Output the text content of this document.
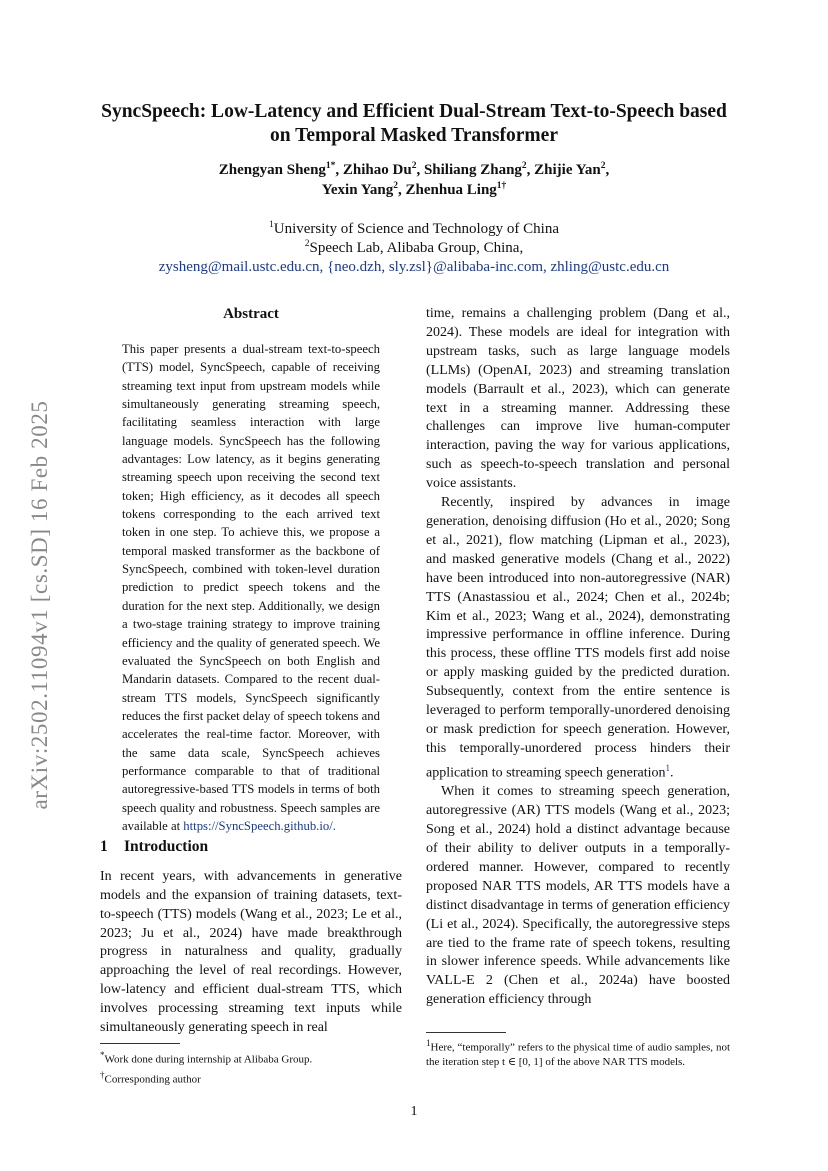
arXiv:2502.11094v1 [cs.SD] 16 Feb 2025
SyncSpeech: Low-Latency and Efficient Dual-Stream Text-to-Speech based on Temporal Masked Transformer
Zhengyan Sheng$^{1*}$, Zhihao Du$^2$, Shiliang Zhang$^2$, Zhijie Yan$^2$,
Yexin Yang$^2$, Zhenhua Ling$^{1\dagger}$
$^1$University of Science and Technology of China
$^2$Speech Lab, Alibaba Group, China,
zysheng@mail.ustc.edu.cn, {neo.dzh, sly.zsl}@alibaba-inc.com, zhling@ustc.edu.cn
Abstract
This paper presents a dual-stream text-to-speech (TTS) model, SyncSpeech, capable of receiving streaming text input from upstream models while simultaneously generating streaming speech, facilitating seamless interaction with large language models. SyncSpeech has the following advantages: Low latency, as it begins generating streaming speech upon receiving the second text token; High efficiency, as it decodes all speech tokens corresponding to the each arrived text token in one step. To achieve this, we propose a temporal masked transformer as the backbone of SyncSpeech, combined with token-level duration prediction to predict speech tokens and the duration for the next step. Additionally, we design a two-stage training strategy to improve training efficiency and the quality of generated speech. We evaluated the SyncSpeech on both English and Mandarin datasets. Compared to the recent dual-stream TTS models, SyncSpeech significantly reduces the first packet delay of speech tokens and accelerates the real-time factor. Moreover, with the same data scale, SyncSpeech achieves performance comparable to that of traditional autoregressive-based TTS models in terms of both speech quality and robustness. Speech samples are available at https://SyncSpeech.github.io/.
1 Introduction
In recent years, with advancements in generative models and the expansion of training datasets, text-to-speech (TTS) models (Wang et al., 2023; Le et al., 2023; Ju et al., 2024) have made breakthrough progress in naturalness and quality, gradually approaching the level of real recordings. However, low-latency and efficient dual-stream TTS, which involves processing streaming text inputs while simultaneously generating speech in real
*Work done during internship at Alibaba Group.
†Corresponding author

time, remains a challenging problem (Dang et al., 2024). These models are ideal for integration with upstream tasks, such as large language models (LLMs) (OpenAI, 2023) and streaming translation models (Barrault et al., 2023), which can generate text in a streaming manner. Addressing these challenges can improve live human-computer interaction, paving the way for various applications, such as speech-to-speech translation and personal voice assistants.

Recently, inspired by advances in image generation, denoising diffusion (Ho et al., 2020; Song et al., 2021), flow matching (Lipman et al., 2023), and masked generative models (Chang et al., 2022) have been introduced into non-autoregressive (NAR) TTS (Anastassiou et al., 2024; Chen et al., 2024b; Kim et al., 2023; Wang et al., 2024), demonstrating impressive performance in offline inference. During this process, these offline TTS models first add noise or apply masking guided by the predicted duration. Subsequently, context from the entire sentence is leveraged to perform temporally-unordered denoising or mask prediction for speech generation. However, this temporally-unordered process hinders their application to streaming speech generation$^1$.

When it comes to streaming speech generation, autoregressive (AR) TTS models (Wang et al., 2023; Song et al., 2024) hold a distinct advantage because of their ability to deliver outputs in a temporally-ordered manner. However, compared to recently proposed NAR TTS models, AR TTS models have a distinct disadvantage in terms of generation efficiency (Li et al., 2024). Specifically, the autoregressive steps are tied to the frame rate of speech tokens, resulting in slower inference speeds. While advancements like VALL-E 2 (Chen et al., 2024a) have boosted generation efficiency through

$^1$Here, “temporally” refers to the physical time of audio samples, not the iteration step t ∈ [0, 1] of the above NAR TTS models.
1
